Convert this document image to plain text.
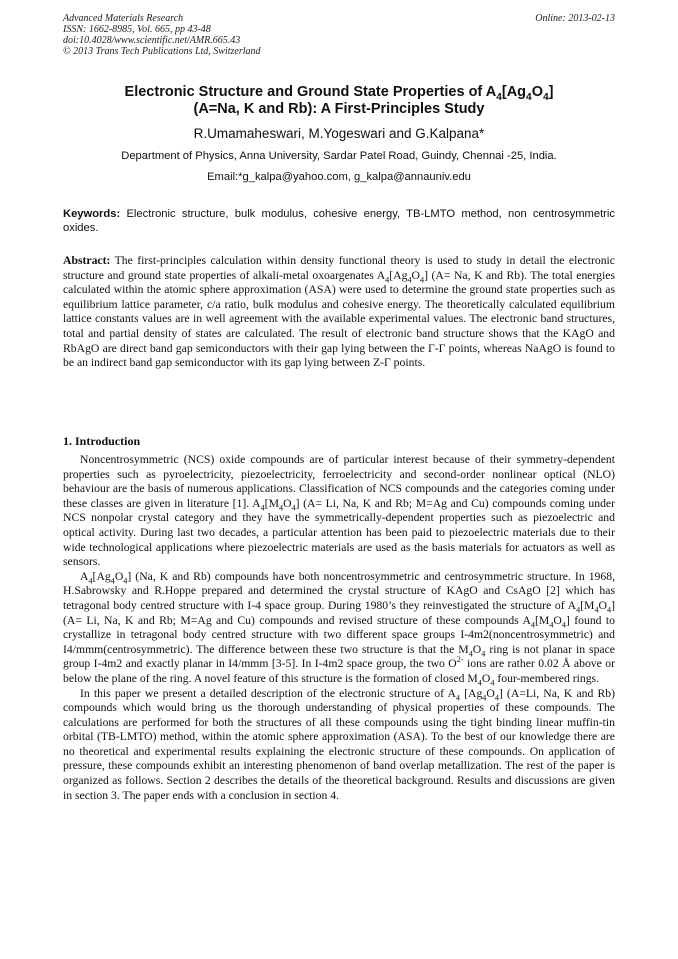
Advanced Materials Research
ISSN: 1662-8985, Vol. 665, pp 43-48
doi:10.4028/www.scientific.net/AMR.665.43
© 2013 Trans Tech Publications Ltd, Switzerland
Online: 2013-02-13
Electronic Structure and Ground State Properties of $A_4[Ag_4O_4]$
(A=Na, K and Rb): A First-Principles Study
R.Umamaheswari, M.Yogeswari and G.Kalpana*
Department of Physics, Anna University, Sardar Patel Road, Guindy, Chennai -25, India.
Email:*g_kalpa@yahoo.com, g_kalpa@annauniv.edu
Keywords: Electronic structure, bulk modulus, cohesive energy, TB-LMTO method, non centrosymmetric oxides.
Abstract: The first-principles calculation within density functional theory is used to study in detail the electronic structure and ground state properties of alkali-metal oxoargenates $A_4[Ag_4O_4]$ (A= Na, K and Rb). The total energies calculated within the atomic sphere approximation (ASA) were used to determine the ground state properties such as equilibrium lattice parameter, c/a ratio, bulk modulus and cohesive energy. The theoretically calculated equilibrium lattice constants values are in well agreement with the available experimental values. The electronic band structures, total and partial density of states are calculated. The result of electronic band structure shows that the KAgO and RbAgO are direct band gap semiconductors with their gap lying between the Γ-Γ points, whereas NaAgO is found to be an indirect band gap semiconductor with its gap lying between Z-Γ points.
1. Introduction

Noncentrosymmetric (NCS) oxide compounds are of particular interest because of their symmetry-dependent properties such as pyroelectricity, piezoelectricity, ferroelectricity and second-order nonlinear optical (NLO) behaviour are the basis of numerous applications. Classification of NCS compounds and the categories coming under these classes are given in literature [1]. $A_4[M_4O_4]$ (A= Li, Na, K and Rb; M=Ag and Cu) compounds coming under NCS nonpolar crystal category and they have the symmetrically-dependent properties such as piezoelectric and optical activity. During last two decades, a particular attention has been paid to piezoelectric materials due to their wide technological applications where piezoelectric materials are used as the basis materials for actuators as well as sensors.

$A_4[Ag_4O_4]$ (Na, K and Rb) compounds have both noncentrosymmetric and centrosymmetric structure. In 1968, H.Sabrowsky and R.Hoppe prepared and determined the crystal structure of KAgO and CsAgO [2] which has tetragonal body centred structure with I-4 space group. During 1980’s they reinvestigated the structure of $A_4[M_4O_4]$ (A= Li, Na, K and Rb; M=Ag and Cu) compounds and revised structure of these compounds $A_4[M_4O_4]$ found to crystallize in tetragonal body centred structure with two different space groups I-4m2(noncentrosymmetric) and I4/mmm(centrosymmetric). The difference between these two structure is that the $M_4O_4$ ring is not planar in space group I-4m2 and exactly planar in I4/mmm [3-5]. In I-4m2 space group, the two $O^{2-}$ ions are rather 0.02 Å above or below the plane of the ring. A novel feature of this structure is the formation of closed $M_4O_4$ four-membered rings.

In this paper we present a detailed description of the electronic structure of $A_4$ $[Ag_4O_4]$ (A=Li, Na, K and Rb) compounds which would bring us the thorough understanding of physical properties of these compounds. The calculations are performed for both the structures of all these compounds using the tight binding linear muffin-tin orbital (TB-LMTO) method, within the atomic sphere approximation (ASA). To the best of our knowledge there are no theoretical and experimental results explaining the electronic structure of these compounds. On application of pressure, these compounds exhibit an interesting phenomenon of band overlap metallization. The rest of the paper is organized as follows. Section 2 describes the details of the theoretical background. Results and discussions are given in section 3. The paper ends with a conclusion in section 4.
